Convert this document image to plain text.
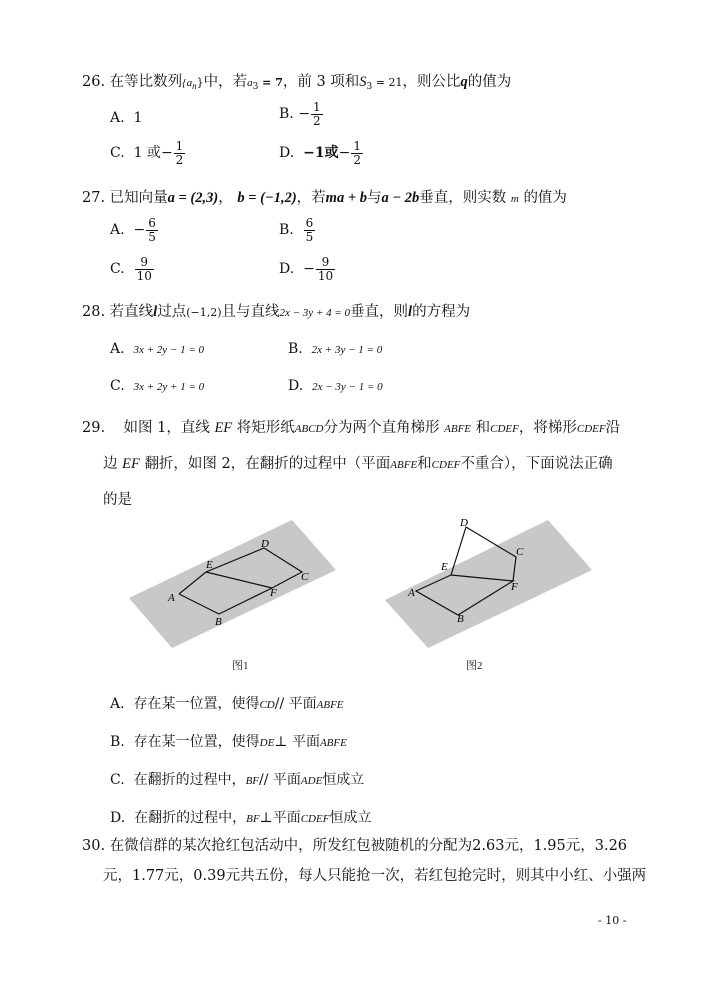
26. 在等比数列$\{a_n\}$中，若$a_3 = 7$，前 3 项和$S_3 = 21$，则公比q的值为
A. 1	B. − $\frac{1}{2}$
C. 1 或− $\frac{1}{2}$	D. −1或− $\frac{1}{2}$
27. 已知向量a = (2,3)， b = (−1,2)，若ma + b与a − 2b垂直，则实数 m 的值为
A. − $\frac{6}{5}$	B. $\frac{6}{5}$
C. $\frac{9}{10}$	D. − $\frac{9}{10}$
28. 若直线l过点(−1,2)且与直线2x − 3y + 4 = 0垂直，则l的方程为
A. 3x + 2y − 1 = 0	B. 2x + 3y − 1 = 0
C. 3x + 2y + 1 = 0	D. 2x − 3y − 1 = 0
29. 如图 1，直线 EF 将矩形纸ABCD分为两个直角梯形 ABFE 和CDEF，将梯形CDEF沿
边 EF 翻折，如图 2，在翻折的过程中（平面ABFE和CDEF不重合），下面说法正确
的是
D
E
C
A	F
B
图1
D
C
E
A	F
B
图2
A. 存在某一位置，使得CD// 平面ABFE
B. 存在某一位置，使得DE⊥ 平面ABFE
C. 在翻折的过程中，BF// 平面ADE恒成立
D. 在翻折的过程中，BF⊥平面CDEF恒成立
30. 在微信群的某次抢红包活动中，所发红包被随机的分配为2.63元，1.95元，3.26
元，1.77元，0.39元共五份，每人只能抢一次，若红包抢完时，则其中小红、小强两
- 10 -
